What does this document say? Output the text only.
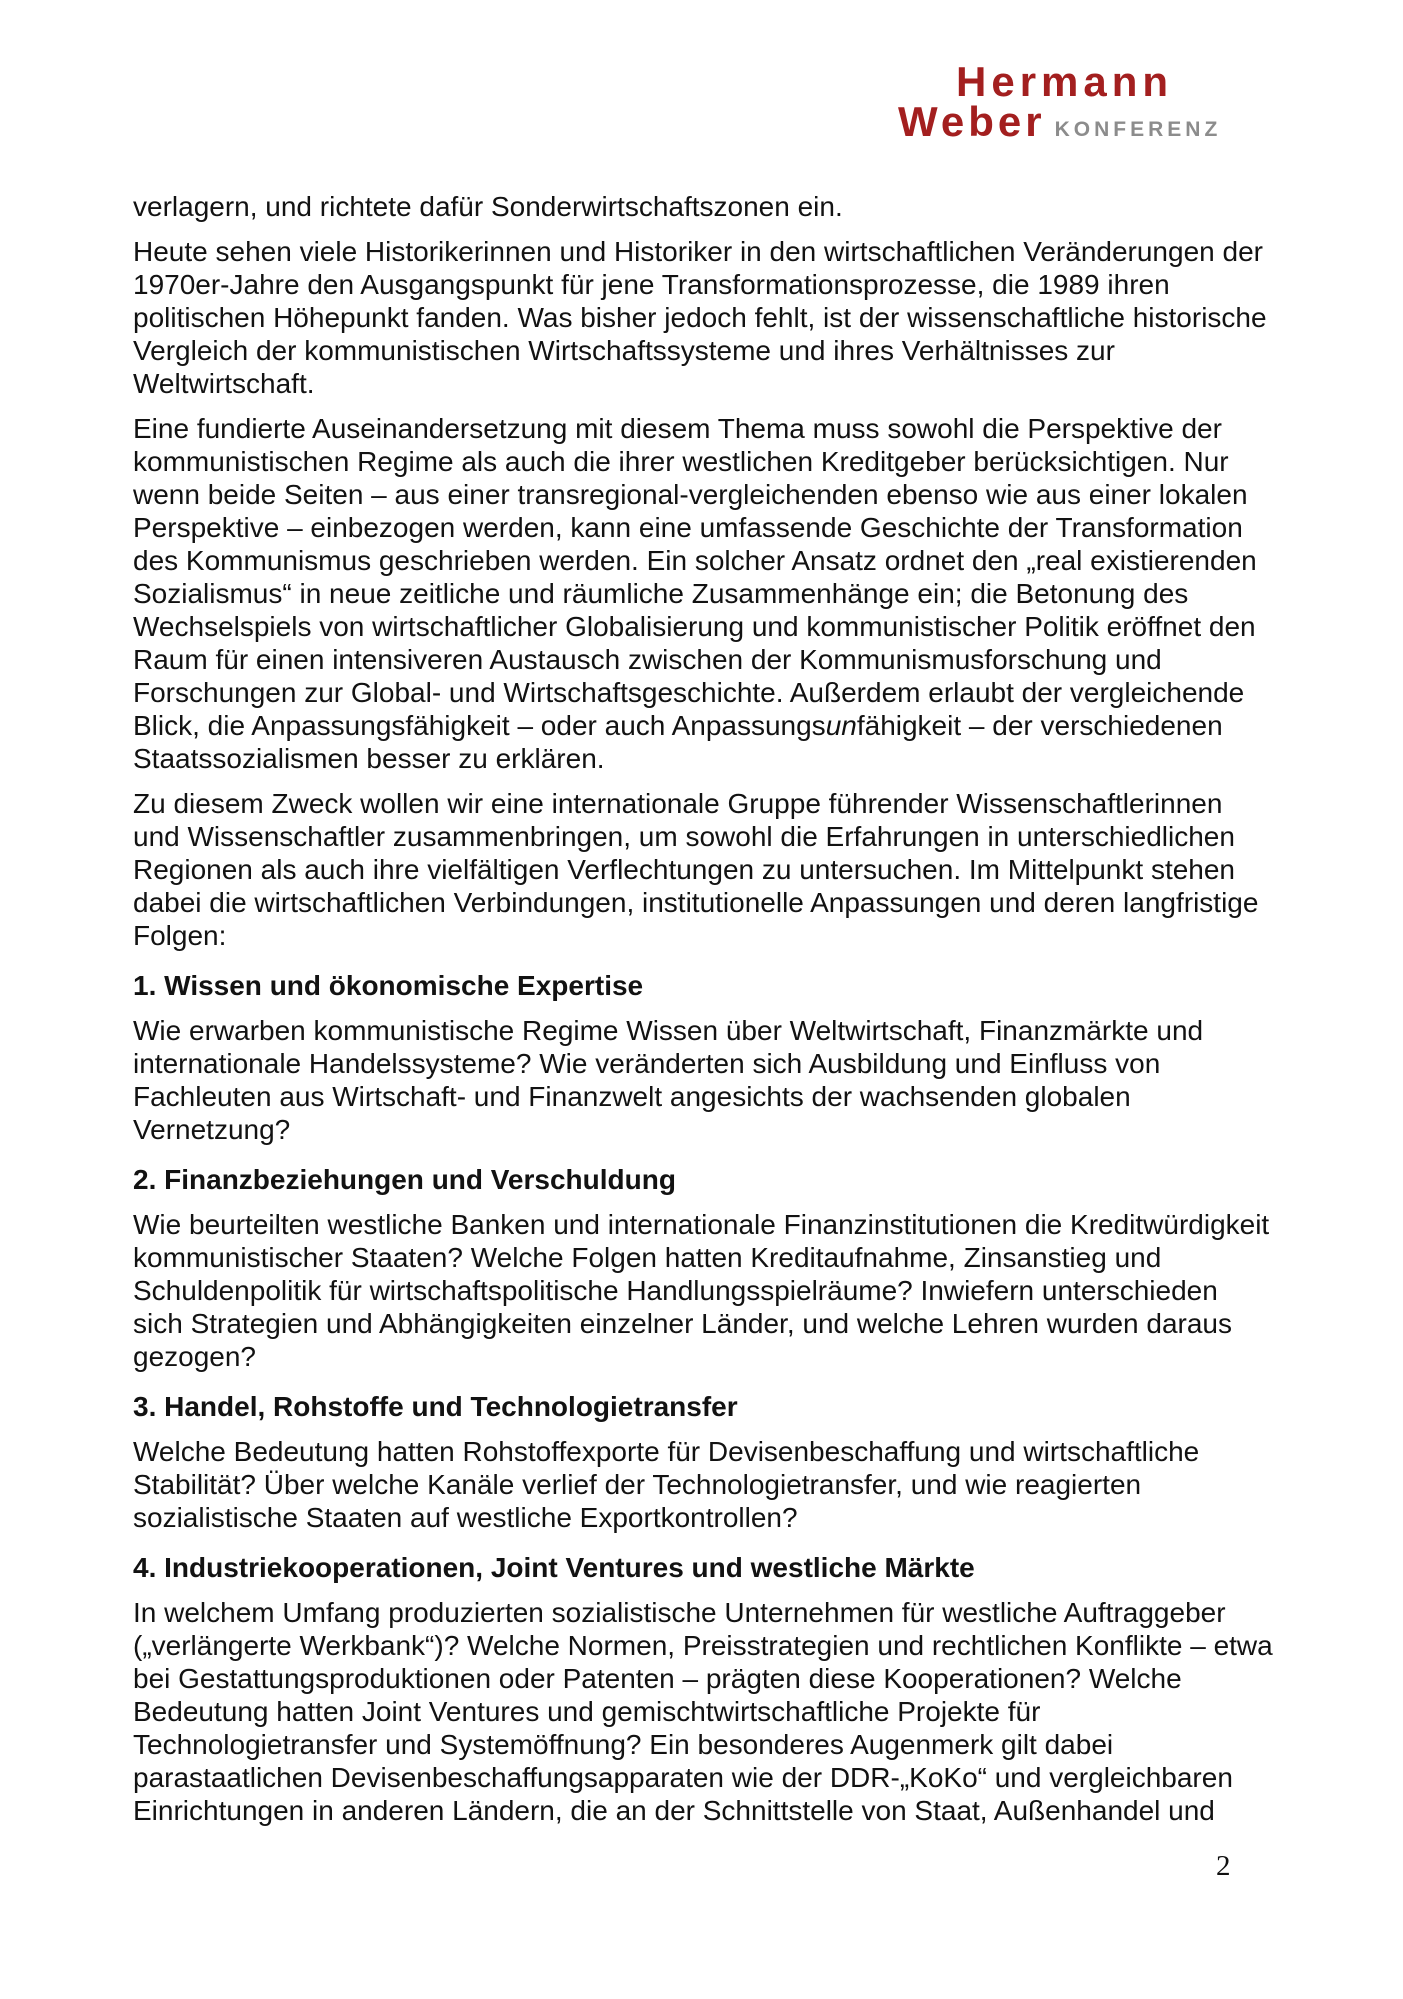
Hermann
Weber KONFERENZ

verlagern, und richtete dafür Sonderwirtschaftszonen ein.

Heute sehen viele Historikerinnen und Historiker in den wirtschaftlichen Veränderungen der 1970er-Jahre den Ausgangspunkt für jene Transformationsprozesse, die 1989 ihren politischen Höhepunkt fanden. Was bisher jedoch fehlt, ist der wissenschaftliche historische Vergleich der kommunistischen Wirtschaftssysteme und ihres Verhältnisses zur Weltwirtschaft.

Eine fundierte Auseinandersetzung mit diesem Thema muss sowohl die Perspektive der kommunistischen Regime als auch die ihrer westlichen Kreditgeber berücksichtigen. Nur wenn beide Seiten – aus einer transregional-vergleichenden ebenso wie aus einer lokalen Perspektive – einbezogen werden, kann eine umfassende Geschichte der Transformation des Kommunismus geschrieben werden. Ein solcher Ansatz ordnet den „real existierenden Sozialismus“ in neue zeitliche und räumliche Zusammenhänge ein; die Betonung des Wechselspiels von wirtschaftlicher Globalisierung und kommunistischer Politik eröffnet den Raum für einen intensiveren Austausch zwischen der Kommunismusforschung und Forschungen zur Global- und Wirtschaftsgeschichte. Außerdem erlaubt der vergleichende Blick, die Anpassungsfähigkeit – oder auch Anpassungsunfähigkeit – der verschiedenen Staatssozialismen besser zu erklären.

Zu diesem Zweck wollen wir eine internationale Gruppe führender Wissenschaftlerinnen und Wissenschaftler zusammenbringen, um sowohl die Erfahrungen in unterschiedlichen Regionen als auch ihre vielfältigen Verflechtungen zu untersuchen. Im Mittelpunkt stehen dabei die wirtschaftlichen Verbindungen, institutionelle Anpassungen und deren langfristige Folgen:

1. Wissen und ökonomische Expertise

Wie erwarben kommunistische Regime Wissen über Weltwirtschaft, Finanzmärkte und internationale Handelssysteme? Wie veränderten sich Ausbildung und Einfluss von Fachleuten aus Wirtschaft- und Finanzwelt angesichts der wachsenden globalen Vernetzung?

2. Finanzbeziehungen und Verschuldung

Wie beurteilten westliche Banken und internationale Finanzinstitutionen die Kreditwürdigkeit kommunistischer Staaten? Welche Folgen hatten Kreditaufnahme, Zinsanstieg und Schuldenpolitik für wirtschaftspolitische Handlungsspielräume? Inwiefern unterschieden sich Strategien und Abhängigkeiten einzelner Länder, und welche Lehren wurden daraus gezogen?

3. Handel, Rohstoffe und Technologietransfer

Welche Bedeutung hatten Rohstoffexporte für Devisenbeschaffung und wirtschaftliche Stabilität? Über welche Kanäle verlief der Technologietransfer, und wie reagierten sozialistische Staaten auf westliche Exportkontrollen?

4. Industriekooperationen, Joint Ventures und westliche Märkte

In welchem Umfang produzierten sozialistische Unternehmen für westliche Auftraggeber („verlängerte Werkbank“)? Welche Normen, Preisstrategien und rechtlichen Konflikte – etwa bei Gestattungsproduktionen oder Patenten – prägten diese Kooperationen? Welche Bedeutung hatten Joint Ventures und gemischtwirtschaftliche Projekte für Technologietransfer und Systemöffnung? Ein besonderes Augenmerk gilt dabei parastaatlichen Devisenbeschaffungsapparaten wie der DDR-„KoKo“ und vergleichbaren Einrichtungen in anderen Ländern, die an der Schnittstelle von Staat, Außenhandel und

2
